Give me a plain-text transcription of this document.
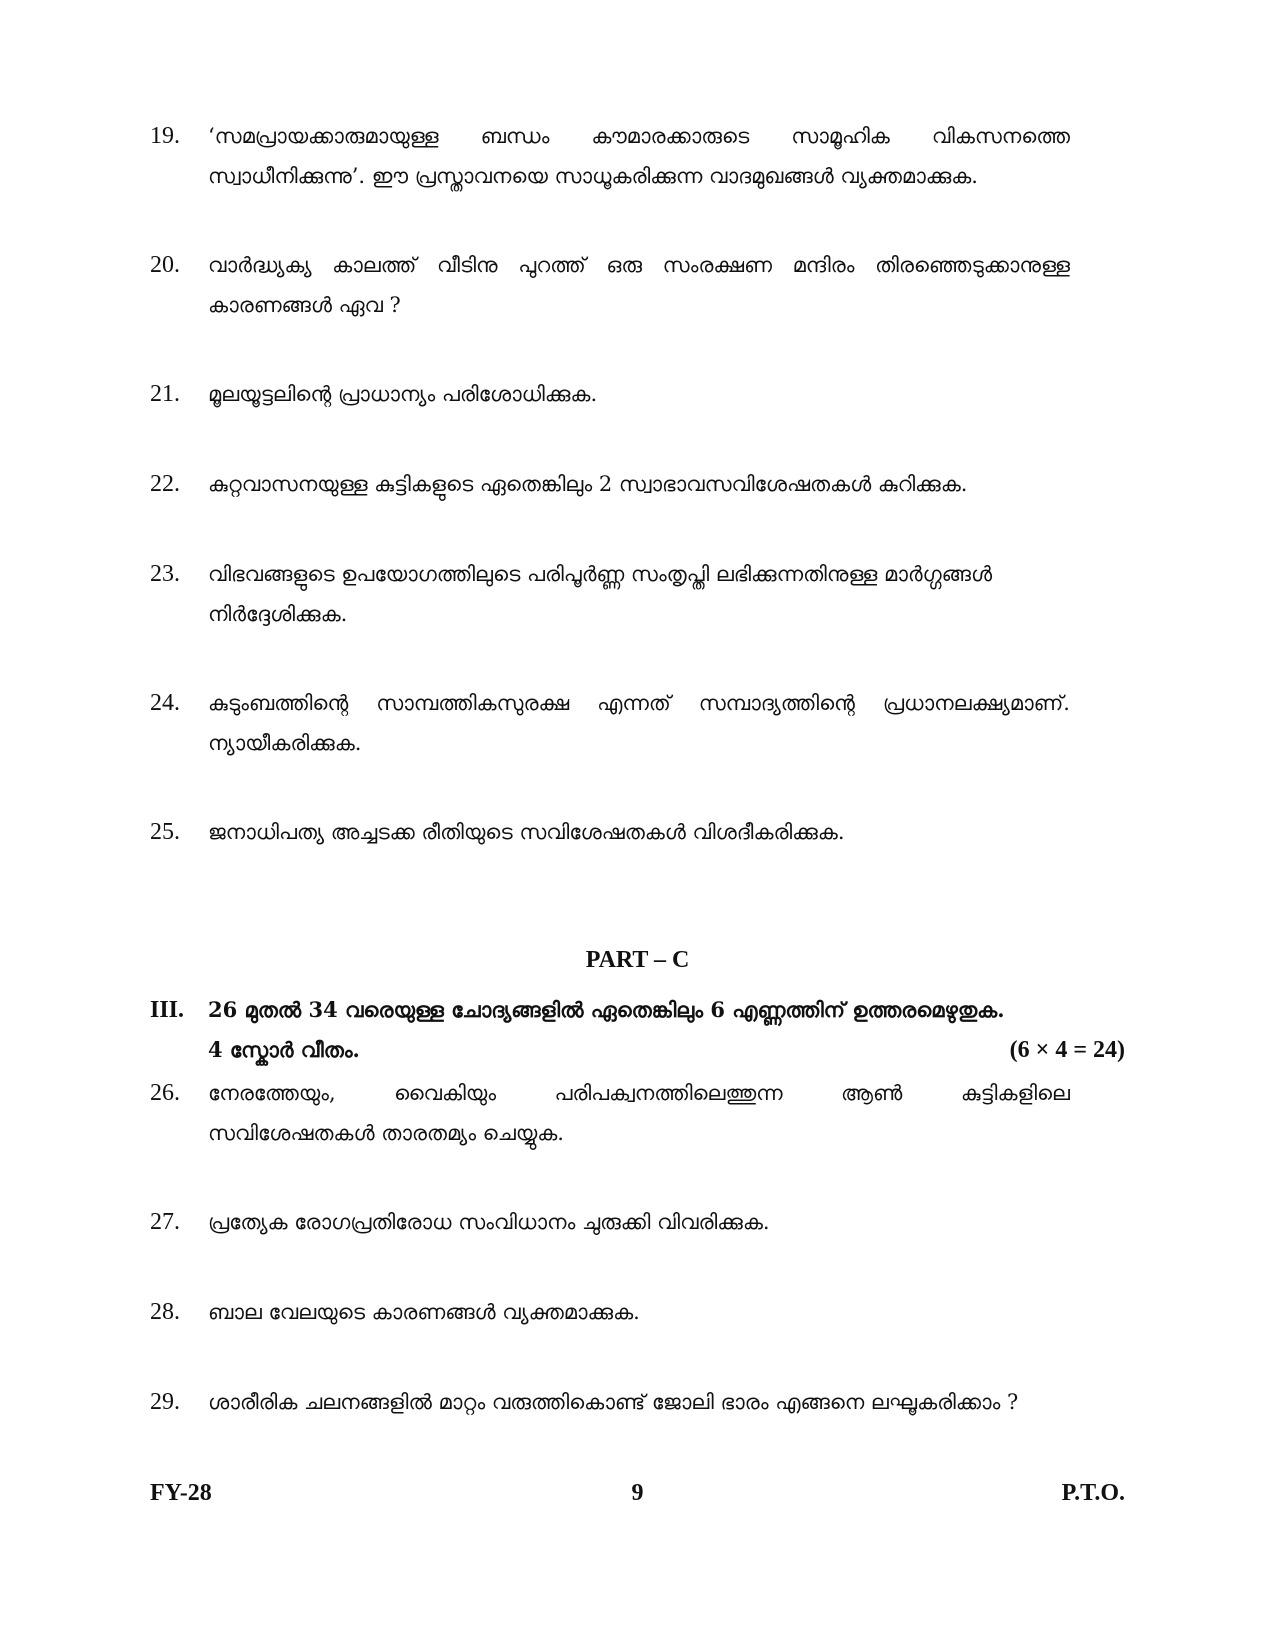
19.	‘സമപ്രായക്കാരുമായുള്ള ബന്ധം കൗമാരക്കാരുടെ സാമൂഹിക വികസനത്തെ
സ്വാധീനിക്കുന്നു’. ഈ പ്രസ്താവനയെ സാധൂകരിക്കുന്ന വാദമുഖങ്ങൾ വ്യക്തമാക്കുക.
20.	വാർദ്ധ്യക്യ കാലത്ത് വീടിനു പുറത്ത് ഒരു സംരക്ഷണ മന്ദിരം തിരഞ്ഞെടുക്കാനുള്ള
കാരണങ്ങൾ ഏവ ?
21.	മൂലയൂട്ടലിന്റെ പ്രാധാന്യം പരിശോധിക്കുക.
22.	കുറ്റവാസനയുള്ള കുട്ടികളുടെ ഏതെങ്കിലും 2 സ്വാഭാവസവിശേഷതകൾ കുറിക്കുക.
23.	വിഭവങ്ങളുടെ ഉപയോഗത്തിലുടെ പരിപൂർണ്ണ സംതൃപ്തി ലഭിക്കുന്നതിനുള്ള മാർഗ്ഗങ്ങൾ
നിർദ്ദേശിക്കുക.
24.	കുടുംബത്തിന്റെ സാമ്പത്തികസുരക്ഷ എന്നത് സമ്പാദ്യത്തിന്റെ പ്രധാനലക്ഷ്യമാണ്.
ന്യായീകരിക്കുക.
25.	ജനാധിപത്യ അച്ചടക്ക രീതിയുടെ സവിശേഷതകൾ വിശദീകരിക്കുക.
PART – C
III. 26 മുതൽ 34 വരെയുള്ള ചോദ്യങ്ങളിൽ ഏതെങ്കിലും 6 എണ്ണത്തിന് ഉത്തരമെഴുതുക.
4 സ്കോർ വീതം.	(6 × 4 = 24)
26.	നേരത്തേയും,	വൈകിയും	പരിപക്വനത്തിലെത്തുന്ന	ആൺ	കുട്ടികളിലെ
സവിശേഷതകൾ താരതമ്യം ചെയ്യുക.
27.	പ്രത്യേക രോഗപ്രതിരോധ സംവിധാനം ചുരുക്കി വിവരിക്കുക.
28.	ബാല വേലയുടെ കാരണങ്ങൾ വ്യക്തമാക്കുക.
29.	ശാരീരിക ചലനങ്ങളിൽ മാറ്റം വരുത്തികൊണ്ട് ജോലി ഭാരം എങ്ങനെ ലഘൂകരിക്കാം ?
FY-28	9	P.T.O.
